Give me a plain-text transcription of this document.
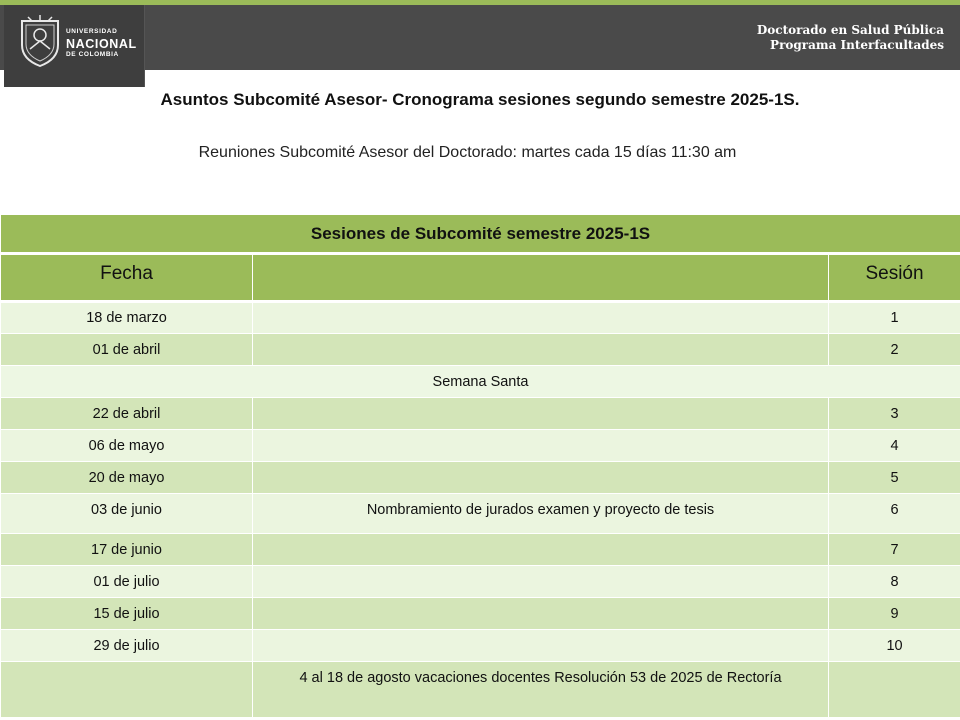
UNIVERSIDAD
NACIONAL
DE COLOMBIA
Doctorado en Salud Pública
Programa Interfacultades
Asuntos Subcomité Asesor- Cronograma sesiones segundo semestre 2025-1S.
Reuniones Subcomité Asesor del Doctorado: martes cada 15 días 11:30 am
Sesiones de Subcomité semestre 2025-1S		
Fecha		Sesión
18 de marzo		1
01 de abril		2
Semana Santa		
22 de abril		3
06 de mayo		4
20 de mayo		5
03 de junio	Nombramiento de jurados examen y proyecto de tesis	6
17 de junio		7
01 de julio		8
15 de julio		9
29 de julio		10
	4 al 18 de agosto vacaciones docentes Resolución 53 de 2025 de Rectoría	
